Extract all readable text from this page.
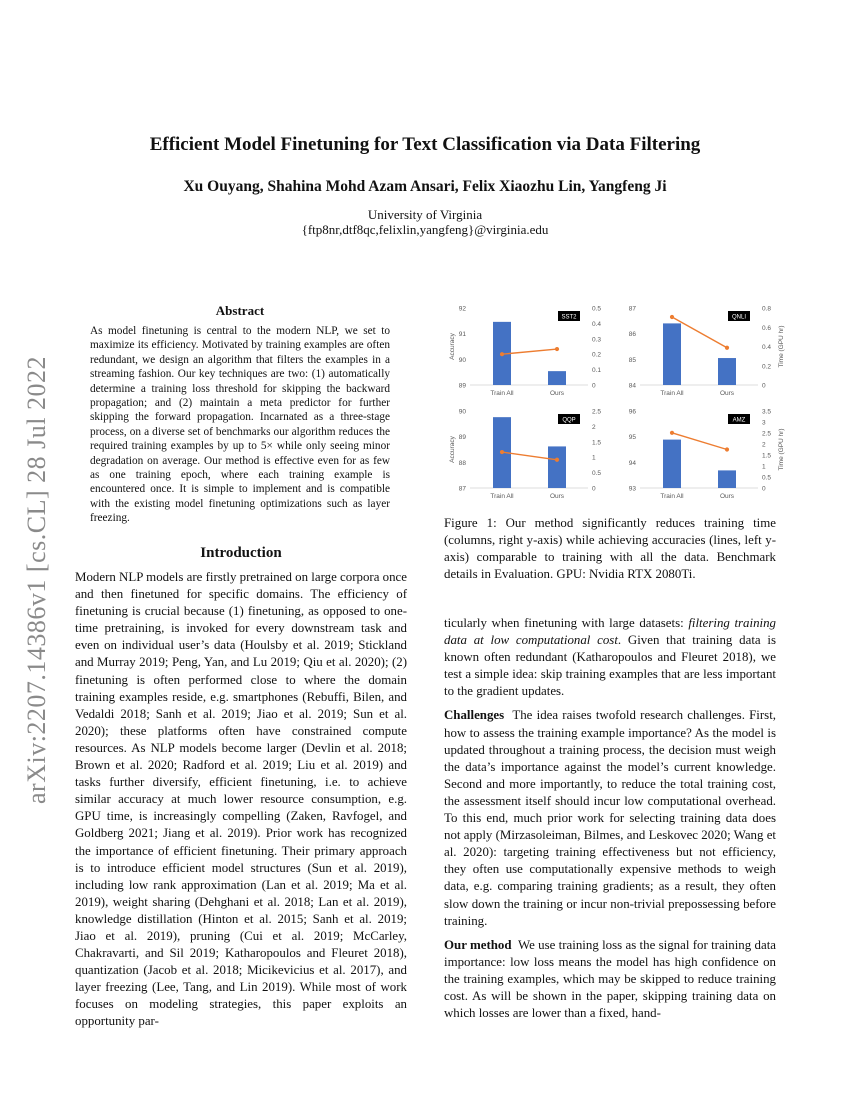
arXiv:2207.14386v1 [cs.CL] 28 Jul 2022
Efficient Model Finetuning for Text Classification via Data Filtering
Xu Ouyang, Shahina Mohd Azam Ansari, Felix Xiaozhu Lin, Yangfeng Ji
University of Virginia
{ftp8nr,dtf8qc,felixlin,yangfeng}@virginia.edu
Abstract
As model finetuning is central to the modern NLP, we set to maximize its efficiency. Motivated by training examples are often redundant, we design an algorithm that filters the examples in a streaming fashion. Our key techniques are two: (1) automatically determine a training loss threshold for skipping the backward propagation; and (2) maintain a meta predictor for further skipping the forward propagation. Incarnated as a three-stage process, on a diverse set of benchmarks our algorithm reduces the required training examples by up to 5× while only seeing minor degradation on average. Our method is effective even for as few as one training epoch, where each training example is encountered once. It is simple to implement and is compatible with the existing model finetuning optimizations such as layer freezing.
Introduction

Modern NLP models are firstly pretrained on large corpora once and then finetuned for specific domains. The efficiency of finetuning is crucial because (1) finetuning, as opposed to one-time pretraining, is invoked for every downstream task and even on individual user’s data (Houlsby et al. 2019; Stickland and Murray 2019; Peng, Yan, and Lu 2019; Qiu et al. 2020); (2) finetuning is often performed close to where the domain training examples reside, e.g. smartphones (Rebuffi, Bilen, and Vedaldi 2018; Sanh et al. 2019; Jiao et al. 2019; Sun et al. 2020); these platforms often have constrained compute resources. As NLP models become larger (Devlin et al. 2018; Brown et al. 2020; Radford et al. 2019; Liu et al. 2019) and tasks further diversify, efficient finetuning, i.e. to achieve similar accuracy at much lower resource consumption, e.g. GPU time, is increasingly compelling (Zaken, Ravfogel, and Goldberg 2021; Jiang et al. 2019). Prior work has recognized the importance of efficient finetuning. Their primary approach is to introduce efficient model structures (Sun et al. 2019), including low rank approximation (Lan et al. 2019; Ma et al. 2019), weight sharing (Dehghani et al. 2018; Lan et al. 2019), knowledge distillation (Hinton et al. 2015; Sanh et al. 2019; Jiao et al. 2019), pruning (Cui et al. 2019; McCarley, Chakravarti, and Sil 2019; Katharopoulos and Fleuret 2018), quantization (Jacob et al. 2018; Micikevicius et al. 2017), and layer freezing (Lee, Tang, and Lin 2019). While most of work focuses on modeling strategies, this paper exploits an opportunity par-

89
90
91
92
0
0.1
0.2
0.3
0.4
0.5
Train All	Ours
SST2
Accuracy
84
85
86
87
0
0.2
0.4
0.6
0.8
Train All	Ours
QNLI
Time (GPU hr)
87
88
89
90
0
0.5
1
1.5
2
2.5
Train All	Ours
QQP
Accuracy
93
94
95
96
0
0.5
1
1.5
2
2.5
3
3.5
Train All	Ours
AMZ
Time (GPU hr)
Figure 1: Our method significantly reduces training time (columns, right y-axis) while achieving accuracies (lines, left y-axis) comparable to training with all the data. Benchmark details in Evaluation. GPU: Nvidia RTX 2080Ti.

ticularly when finetuning with large datasets: filtering training data at low computational cost. Given that training data is known often redundant (Katharopoulos and Fleuret 2018), we test a simple idea: skip training examples that are less important to the gradient updates.

Challenges The idea raises twofold research challenges. First, how to assess the training example importance? As the model is updated throughout a training process, the decision must weigh the data’s importance against the model’s current knowledge. Second and more importantly, to reduce the total training cost, the assessment itself should incur low computational overhead. To this end, much prior work for selecting training data does not apply (Mirzasoleiman, Bilmes, and Leskovec 2020; Wang et al. 2020): targeting training effectiveness but not efficiency, they often use computationally expensive methods to weigh data, e.g. comparing training gradients; as a result, they often slow down the training or incur non-trivial prepossessing before training.

Our method We use training loss as the signal for training data importance: low loss means the model has high confidence on the training examples, which may be skipped to reduce training cost. As will be shown in the paper, skipping training data on which losses are lower than a fixed, hand-
